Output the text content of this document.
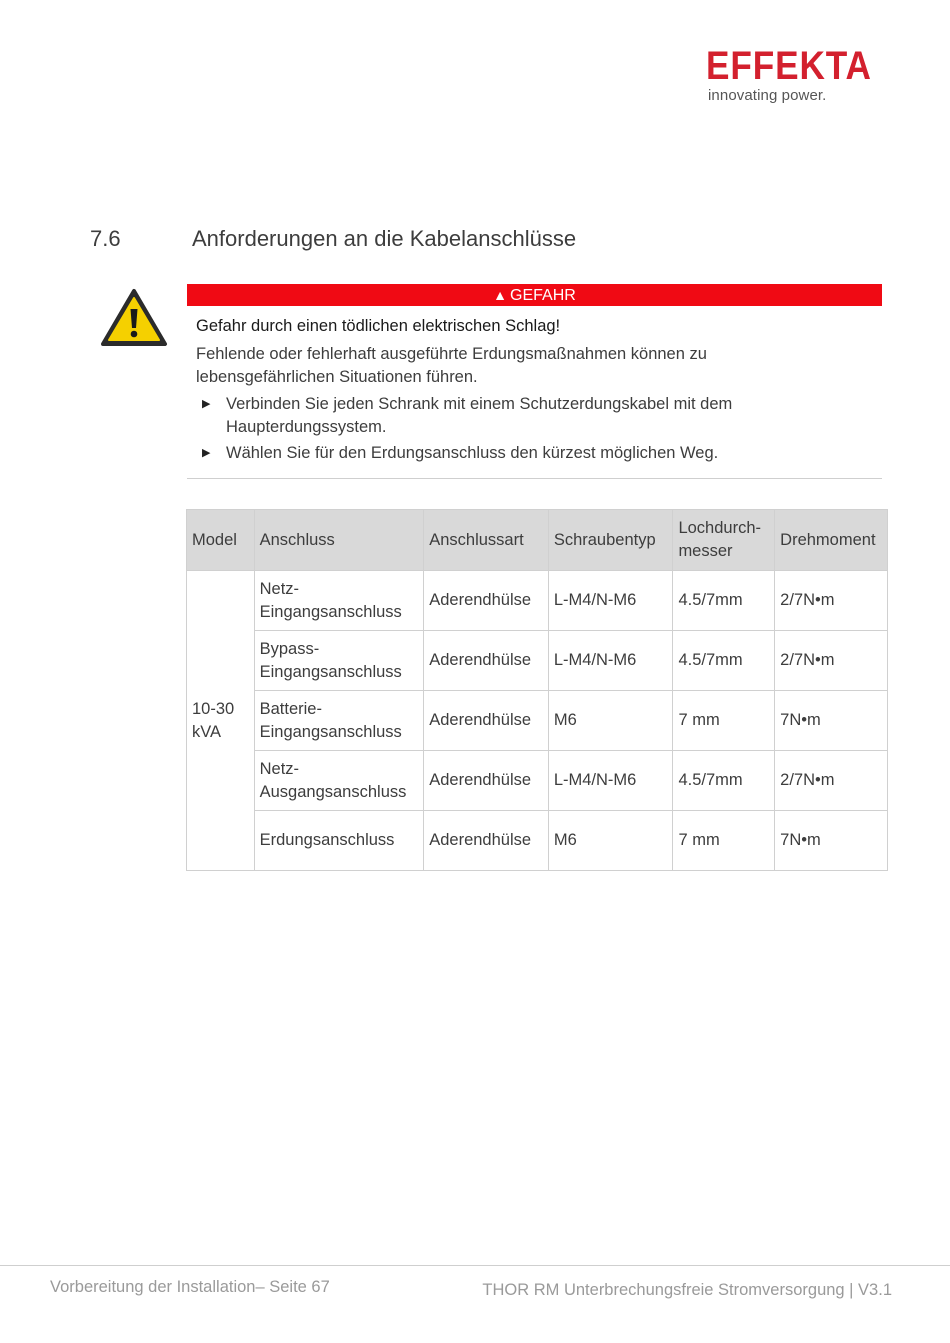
EFFEKTA
innovating power.
7.6	Anforderungen an die Kabelanschlüsse
▲ GEFAHR
Gefahr durch einen tödlichen elektrischen Schlag!
Fehlende oder fehlerhaft ausgeführte Erdungsmaßnahmen können zu lebensgefährlichen Situationen führen.
▶ Verbinden Sie jeden Schrank mit einem Schutzerdungskabel mit dem Haupterdungssystem.
▶ Wählen Sie für den Erdungsanschluss den kürzest möglichen Weg.
Model	Anschluss	Anschlussart	Schraubentyp	Lochdurch-messer	Drehmoment
10-30 kVA	Netz-Eingangsanschluss	Aderendhülse	L-M4/N-M6	4.5/7mm	2/7N•m
	Bypass-Eingangsanschluss	Aderendhülse	L-M4/N-M6	4.5/7mm	2/7N•m
	Batterie-Eingangsanschluss	Aderendhülse	M6	7 mm	7N•m
	Netz-Ausgangsanschluss	Aderendhülse	L-M4/N-M6	4.5/7mm	2/7N•m
	Erdungsanschluss	Aderendhülse	M6	7 mm	7N•m
Vorbereitung der Installation– Seite 67	THOR RM Unterbrechungsfreie Stromversorgung | V3.1
